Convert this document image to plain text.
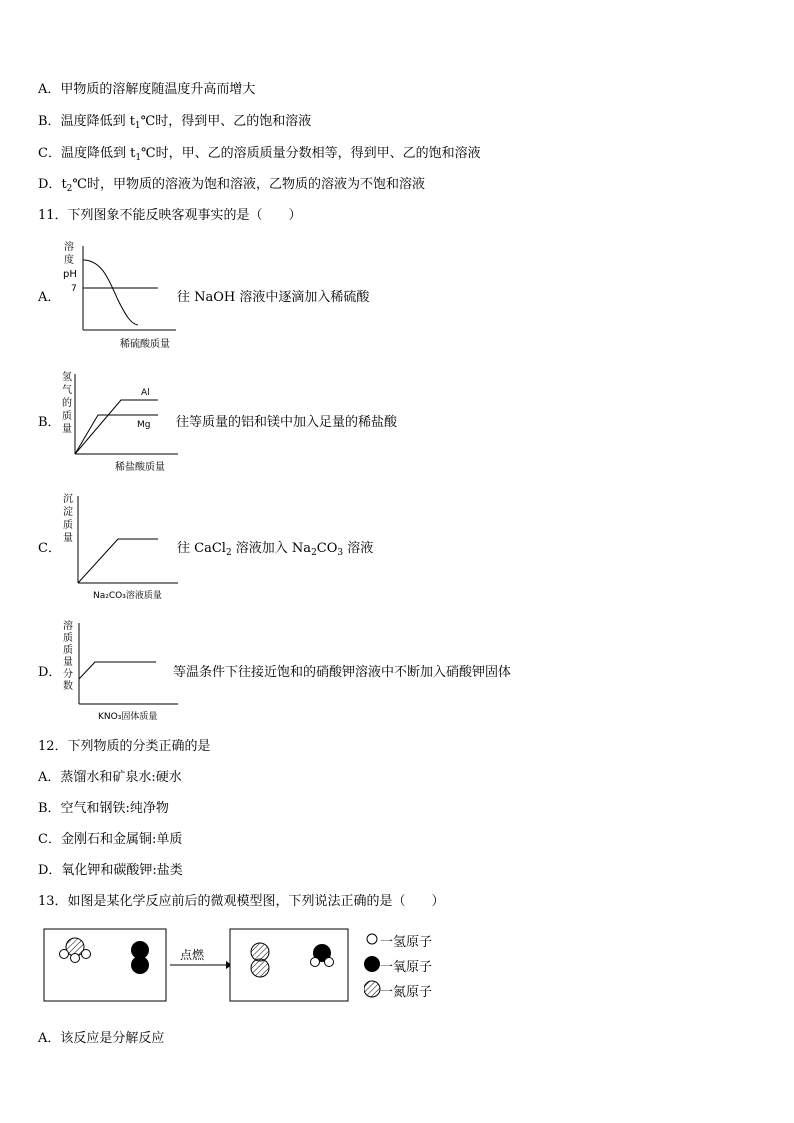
A．甲物质的溶解度随温度升高而增大
B．温度降低到 $t_1℃$时，得到甲、乙的饱和溶液
C．温度降低到 $t_1℃$时，甲、乙的溶质质量分数相等，得到甲、乙的饱和溶液
D．$t_2℃$时，甲物质的溶液为饱和溶液，乙物质的溶液为不饱和溶液
11．下列图象不能反映客观事实的是（　　）
A．
溶
度
pH
7
稀硫酸质量
往 NaOH 溶液中逐滴加入稀硫酸
B．
氢
气
的
质
量
Al
Mg
稀盐酸质量
往等质量的铝和镁中加入足量的稀盐酸
C．
沉
淀
质
量
Na₂CO₃溶液质量
往 CaCl$_2$ 溶液加入 $Na_2CO_3$ 溶液
D．
溶
质
质
量
分
数
KNO₃固体质量
等温条件下往接近饱和的硝酸钾溶液中不断加入硝酸钾固体
12．下列物质的分类正确的是
A．蒸馏水和矿泉水:硬水
B．空气和钢铁:纯净物
C．金刚石和金属铜:单质
D．氧化钾和碳酸钾:盐类
13．如图是某化学反应前后的微观模型图，下列说法正确的是（　　）
点燃
一氢原子
一氧原子
一氮原子
A．该反应是分解反应
